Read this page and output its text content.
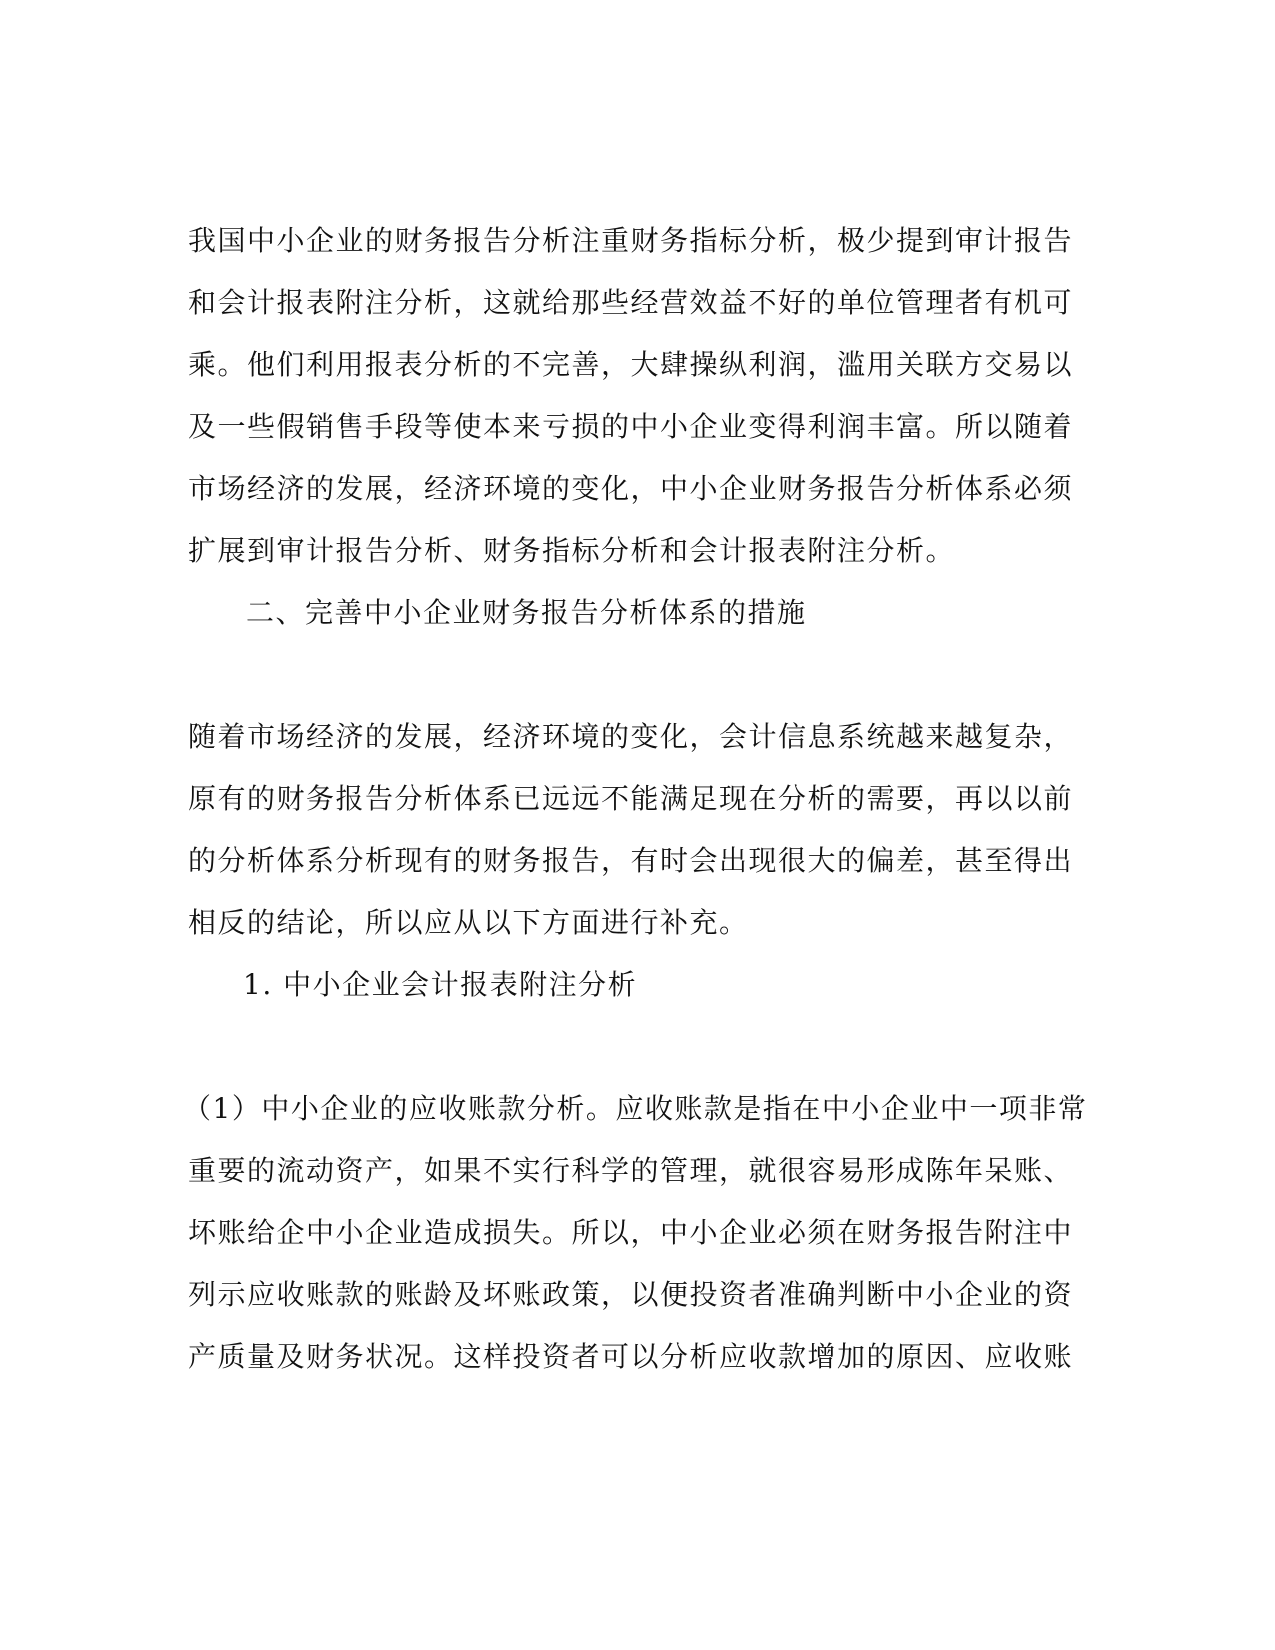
我国中小企业的财务报告分析注重财务指标分析，极少提到审计报告
和会计报表附注分析，这就给那些经营效益不好的单位管理者有机可
乘。他们利用报表分析的不完善，大肆操纵利润，滥用关联方交易以
及一些假销售手段等使本来亏损的中小企业变得利润丰富。所以随着
市场经济的发展，经济环境的变化，中小企业财务报告分析体系必须
扩展到审计报告分析、财务指标分析和会计报表附注分析。
二、完善中小企业财务报告分析体系的措施
随着市场经济的发展，经济环境的变化，会计信息系统越来越复杂，
原有的财务报告分析体系已远远不能满足现在分析的需要，再以以前
的分析体系分析现有的财务报告，有时会出现很大的偏差，甚至得出
相反的结论，所以应从以下方面进行补充。
1. 中小企业会计报表附注分析
（1）中小企业的应收账款分析。应收账款是指在中小企业中一项非常
重要的流动资产，如果不实行科学的管理，就很容易形成陈年呆账、
坏账给企中小企业造成损失。所以，中小企业必须在财务报告附注中
列示应收账款的账龄及坏账政策，以便投资者准确判断中小企业的资
产质量及财务状况。这样投资者可以分析应收款增加的原因、应收账
